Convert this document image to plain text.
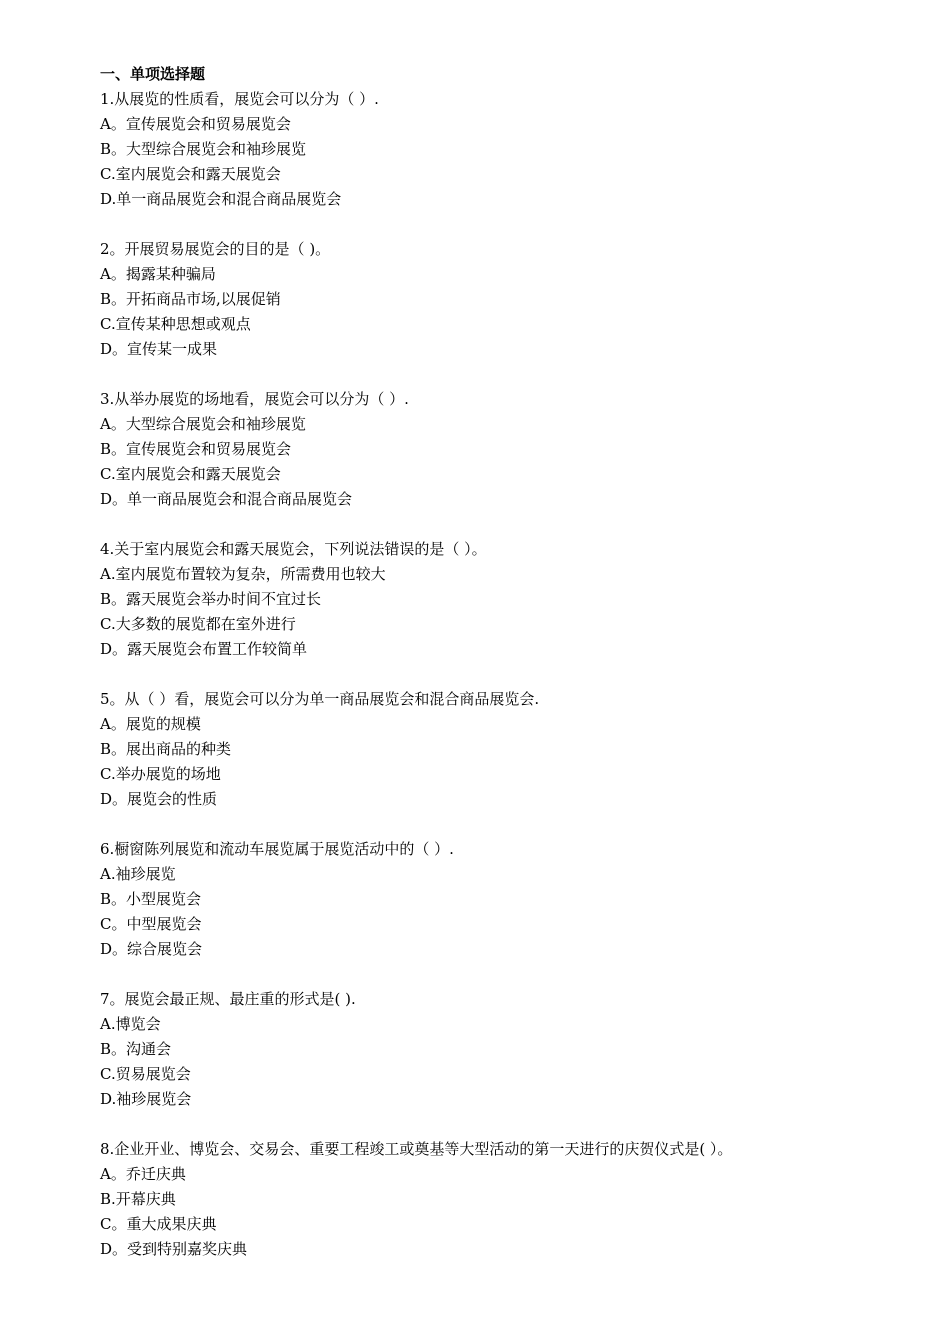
一、单项选择题
1.从展览的性质看，展览会可以分为（ ）.
A。宣传展览会和贸易展览会
B。大型综合展览会和袖珍展览
C.室内展览会和露天展览会
D.单一商品展览会和混合商品展览会
2。开展贸易展览会的目的是（ )。
A。揭露某种骗局
B。开拓商品市场,以展促销
C.宣传某种思想或观点
D。宣传某一成果
3.从举办展览的场地看，展览会可以分为（ ）.
A。大型综合展览会和袖珍展览
B。宣传展览会和贸易展览会
C.室内展览会和露天展览会
D。单一商品展览会和混合商品展览会
4.关于室内展览会和露天展览会，下列说法错误的是（ ）。
A.室内展览布置较为复杂，所需费用也较大
B。露天展览会举办时间不宜过长
C.大多数的展览都在室外进行
D。露天展览会布置工作较简单
5。从（ ）看，展览会可以分为单一商品展览会和混合商品展览会.
A。展览的规模
B。展出商品的种类
C.举办展览的场地
D。展览会的性质
6.橱窗陈列展览和流动车展览属于展览活动中的（ ）.
A.袖珍展览
B。小型展览会
C。中型展览会
D。综合展览会
7。展览会最正规、最庄重的形式是( ).
A.博览会
B。沟通会
C.贸易展览会
D.袖珍展览会
8.企业开业、博览会、交易会、重要工程竣工或奠基等大型活动的第一天进行的庆贺仪式是( ）。
A。乔迁庆典
B.开幕庆典
C。重大成果庆典
D。受到特别嘉奖庆典
